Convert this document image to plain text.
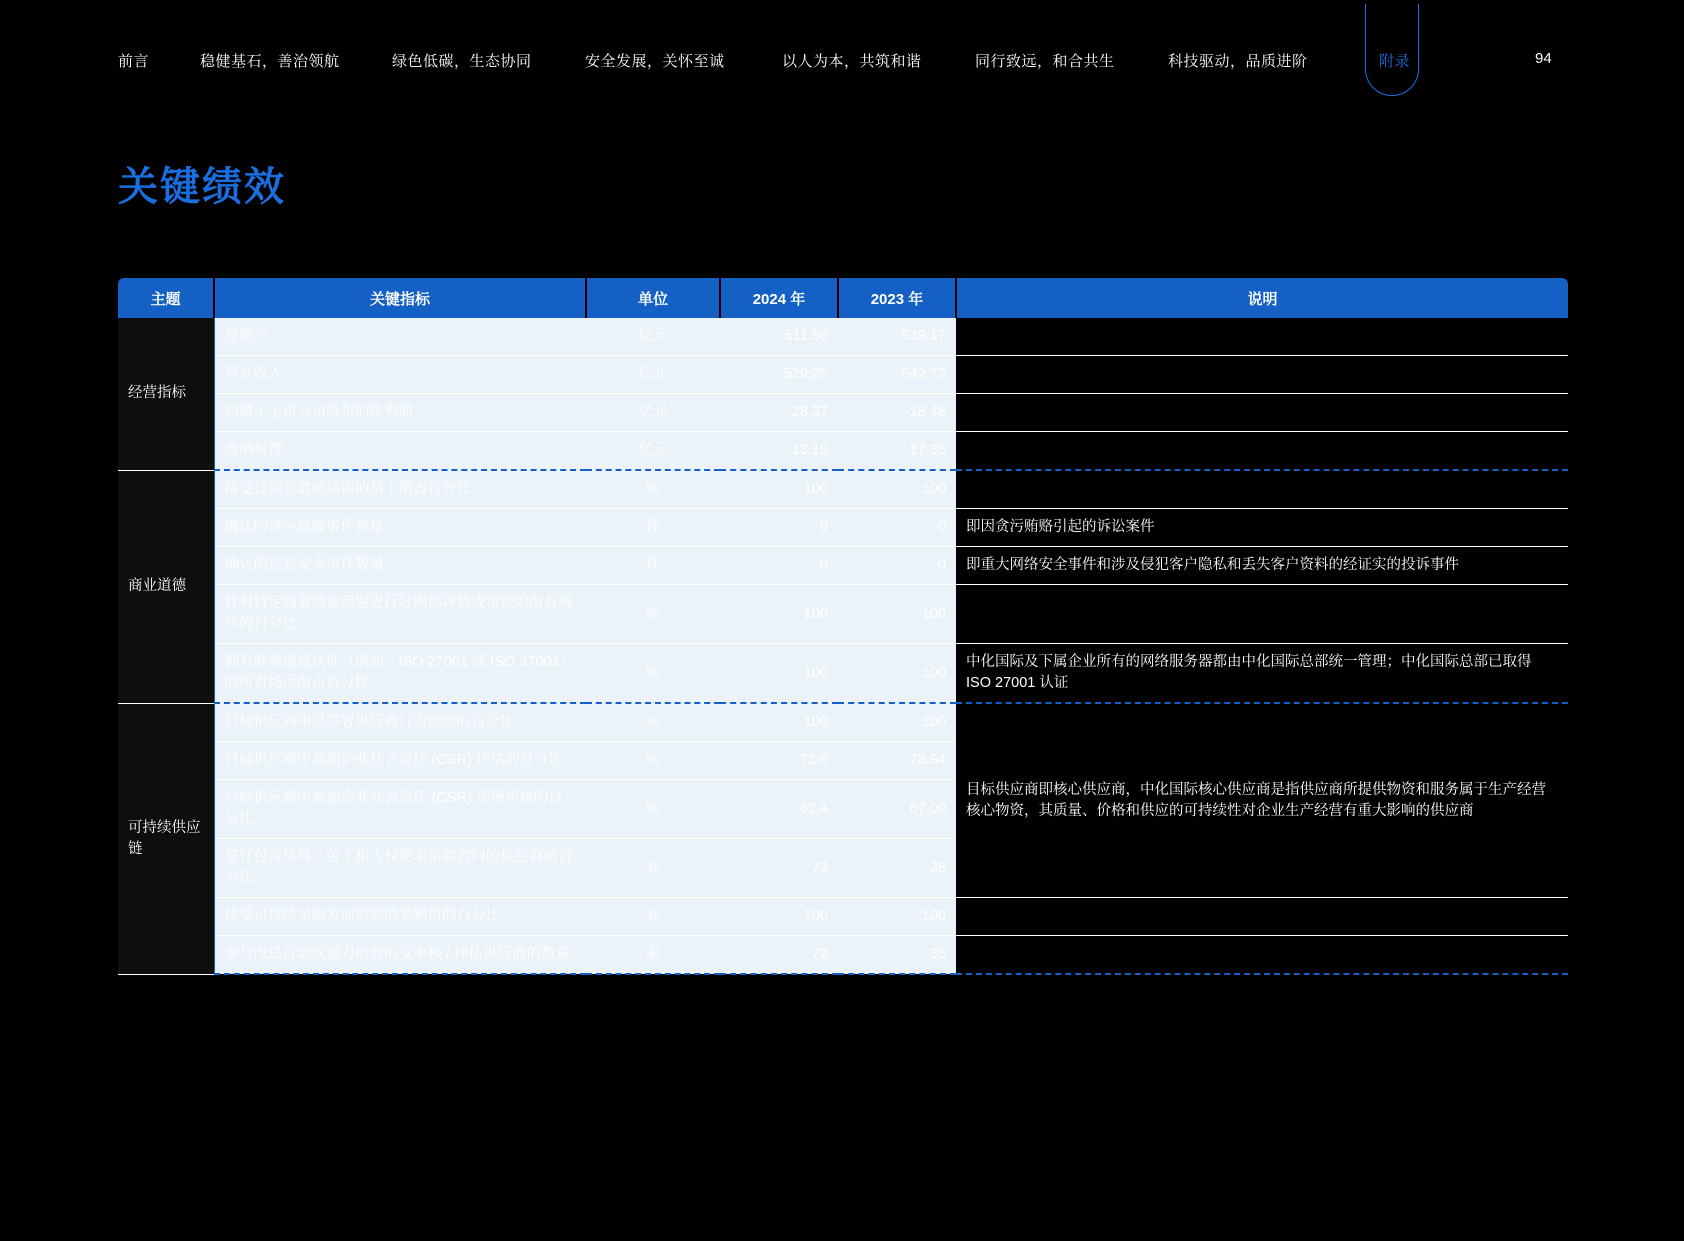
前言	稳健基石，善治领航	绿色低碳，生态协同	安全发展，关怀至诚	以人为本，共筑和谐	同行致远，和合共生	科技驱动，品质进阶	附录	94
关键绩效
主题	关键指标	单位	2024 年	2023 年	说明
经营指标	总资产	亿元	511.56	539.17	
	营业收入	亿元	529.25	542.72	
	归属于上市公司股东的净利润	亿元	-28.37	-18.48	
	缴纳税费	亿元	13.15	17.35	
商业道德	接受过商业道德培训的员工所占百分比	%	100	100	
	确认的贪污腐败事件数量	件	0	0	即因贪污贿赂引起的诉讼案件
	确认的信息安全事件数量	件	0	0	即重大网络安全事件和涉及侵犯客户隐私和丢失客户资料的经证实的投诉事件
	针对特定商业道德问题进行过内部评估或审查的所有场所的百分比	%	100	100	
	拥有商业道德认证（例如，ISO 27001 或 ISO 37001）的所有场所所占百分比	%	100	100	中化国际及下属企业所有的网络服务器都由中化国际总部统一管理；中化国际总部已取得 ISO 27001 认证
可持续供应链	目标供应商中已签署供应商行为准则的百分比	%	100	100	目标供应商即核心供应商，中化国际核心供应商是指供应商所提供物资和服务属于生产经营核心物资，其质量、价格和供应的可持续性对企业生产经营有重大影响的供应商
	目标供应商中参加企业社会责任 (CSR) 评估的百分比	%	72.6	78.94	
	目标供应商中参加企业社会责任 (CSR) 现场审核的百分比	%	62.4	67.09	
	签订包含环境、劳工和人权要求条款合同的供应商的百分比	%	72	28	
	接受可持续采购方面培训的采购员的百分比	%	100	100	
	参与改进行动或能力培养的受审核 / 评估供应商的数量	家	72	35	
